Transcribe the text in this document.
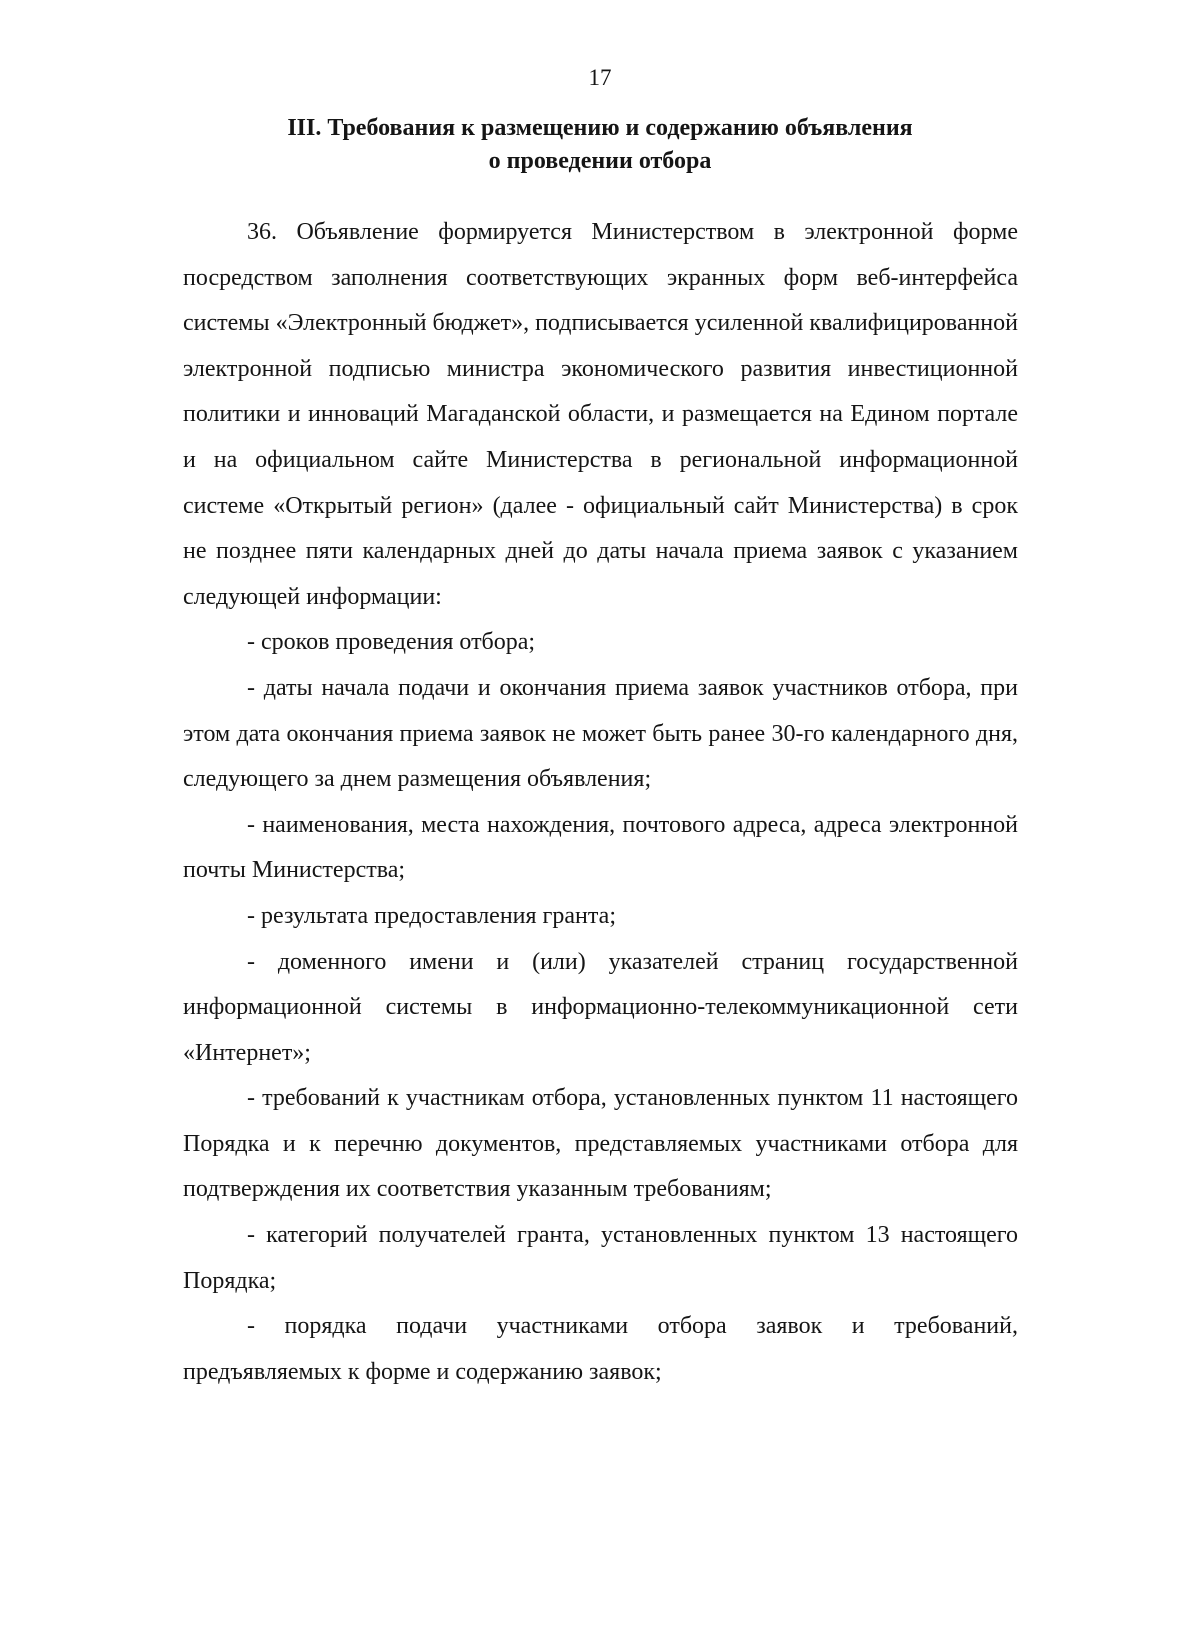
17
III. Требования к размещению и содержанию объявления
о проведении отбора

36. Объявление формируется Министерством в электронной форме посредством заполнения соответствующих экранных форм веб-интерфейса системы «Электронный бюджет», подписывается усиленной квалифицированной электронной подписью министра экономического развития инвестиционной политики и инноваций Магаданской области, и размещается на Едином портале и на официальном сайте Министерства в региональной информационной системе «Открытый регион» (далее - официальный сайт Министерства) в срок не позднее пяти календарных дней до даты начала приема заявок с указанием следующей информации:

- сроков проведения отбора;

- даты начала подачи и окончания приема заявок участников отбора, при этом дата окончания приема заявок не может быть ранее 30-го календарного дня, следующего за днем размещения объявления;

- наименования, места нахождения, почтового адреса, адреса электронной почты Министерства;

- результата предоставления гранта;

- доменного имени и (или) указателей страниц государственной информационной системы в информационно-телекоммуникационной сети «Интернет»;

- требований к участникам отбора, установленных пунктом 11 настоящего Порядка и к перечню документов, представляемых участниками отбора для подтверждения их соответствия указанным требованиям;

- категорий получателей гранта, установленных пунктом 13 настоящего Порядка;

- порядка подачи участниками отбора заявок и требований, предъявляемых к форме и содержанию заявок;
